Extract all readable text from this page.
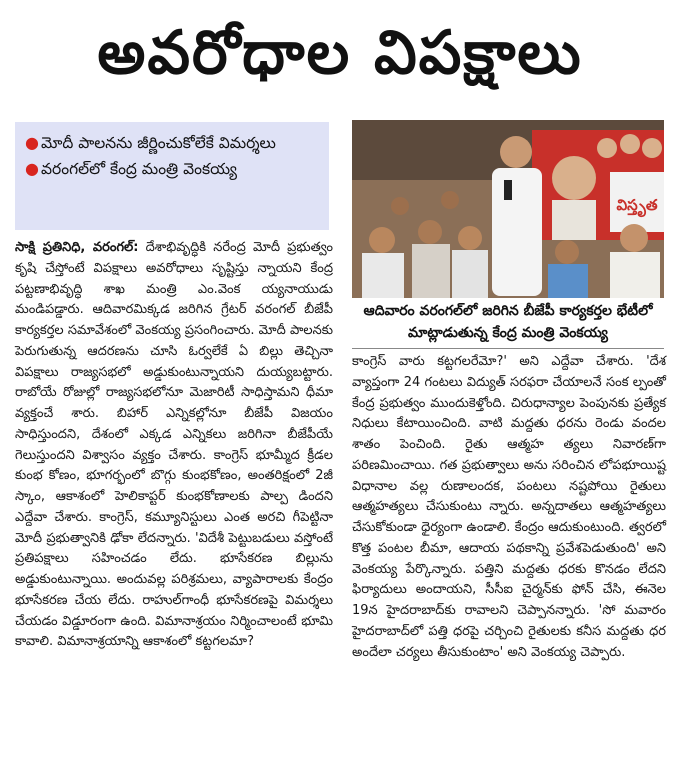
అవరోధాల విపక్షాలు
● మోదీ పాలనను జీర్ణించుకోలేకే విమర్శలు
● వరంగల్‌లో కేంద్ర మంత్రి వెంకయ్య
విస్తృత
ఆదివారం వరంగల్‌లో జరిగిన బీజేపీ కార్యకర్తల భేటీలో మాట్లాడుతున్న కేంద్ర మంత్రి వెంకయ్య

సాక్షి ప్రతినిధి, వరంగల్: దేశాభివృద్ధికి నరేంద్ర మోదీ ప్రభుత్వం కృషి చేస్తోంటే విపక్షాలు అవరోధాలు సృష్టిస్తు న్నాయని కేంద్ర పట్టణాభివృద్ధి శాఖ మంత్రి ఎం.వెంక య్యనాయుడు మండిపడ్డారు. ఆదివారమిక్కడ జరిగిన గ్రేటర్ వరంగల్ బీజేపీ కార్యకర్తల సమావేశంలో వెంకయ్య ప్రసంగించారు. మోదీ పాలనకు పెరుగుతున్న ఆదరణను చూసి ఓర్వలేకే ఏ బిల్లు తెచ్చినా విపక్షాలు రాజ్యసభలో అడ్డుకుంటున్నాయని దుయ్యబట్టారు. రాబోయే రోజుల్లో రాజ్యసభలోనూ మెజారిటీ సాధిస్తామని ధీమా వ్యక్తంచే శారు. బిహార్ ఎన్నికల్లోనూ బీజేపీ విజయం సాధిస్తుందని, దేశంలో ఎక్కడ ఎన్నికలు జరిగినా బీజేపీయే గెలుస్తుందని విశ్వాసం వ్యక్తం చేశారు. కాంగ్రెస్ భూమ్మీద క్రీడల కుంభ కోణం, భూగర్భంలో బొగ్గు కుంభకోణం, అంతరిక్షంలో 2జీ స్కాం, ఆకాశంలో హెలికాప్టర్ కుంభకోణాలకు పాల్ప డిందని ఎద్దేవా చేశారు. కాంగ్రెస్, కమ్యూనిస్టులు ఎంత అరచి గీపెట్టినా మోదీ ప్రభుత్వానికి ఢోకా లేదన్నారు. 'విదేశీ పెట్టుబడులు వస్తోంటే ప్రతిపక్షాలు సహించడం లేదు. భూసేకరణ బిల్లును అడ్డుకుంటున్నాయి. అందువల్ల పరిశ్రమలు, వ్యాపారాలకు కేంద్రం భూసేకరణ చేయ లేదు. రాహుల్‌గాంధీ భూసేకరణపై విమర్శలు చేయడం విడ్డూరంగా ఉంది. విమానాశ్రయం నిర్మించాలంటే భూమి కావాలి. విమానాశ్రయాన్ని ఆకాశంలో కట్టగలమా?

కాంగ్రెస్ వారు కట్టగలరేమో?' అని ఎద్దేవా చేశారు. 'దేశ వ్యాప్తంగా 24 గంటలు విద్యుత్ సరఫరా చేయాలనే సంక ల్పంతో కేంద్ర ప్రభుత్వం ముందుకెళ్తోంది. చిరుధాన్యాల పెంపునకు ప్రత్యేక నిధులు కేటాయించింది. వాటి మద్దతు ధరను రెండు వందల శాతం పెంచింది. రైతు ఆత్మహ త్యలు నివారణ్‌గా పరిణమించాయి. గత ప్రభుత్వాలు అను సరించిన లోపభూయిష్ట విధానాల వల్ల రుణాలందక, పంటలు నష్టపోయి రైతులు ఆత్మహత్యలు చేసుకుంటు న్నారు. అన్నదాతలు ఆత్మహత్యలు చేసుకోకుండా ధైర్యంగా ఉండాలి. కేంద్రం ఆదుకుంటుంది. త్వరలో కొత్త పంటల బీమా, ఆదాయ పథకాన్ని ప్రవేశపెడుతుంది' అని వెంకయ్య పేర్కొన్నారు. పత్తిని మద్దతు ధరకు కొనడం లేదని ఫిర్యాదులు అందాయని, సీసీఐ చైర్మన్‌కు ఫోన్ చేసి, ఈనెల 19న హైదరాబాద్‌కు రావాలని చెప్పానన్నారు. 'సో మవారం హైదరాబాద్‌లో పత్తి ధరపై చర్చించి రైతులకు కనీస మద్దతు ధర అందేలా చర్యలు తీసుకుంటాం' అని వెంకయ్య చెప్పారు.
